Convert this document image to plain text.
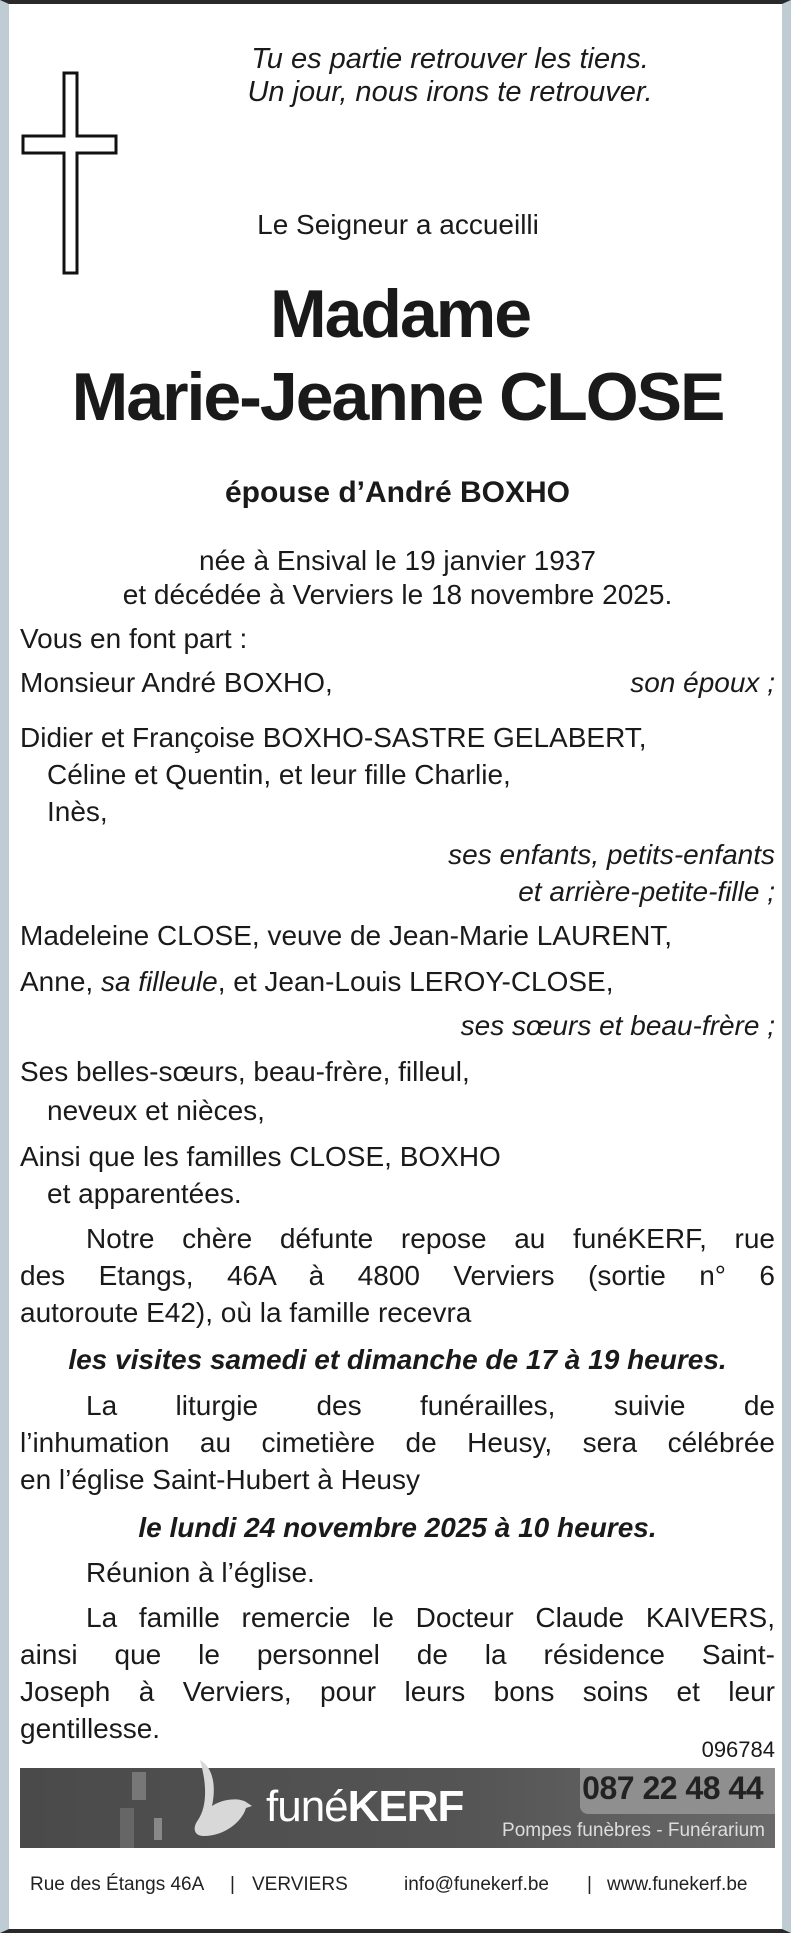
Tu es partie retrouver les tiens.
Un jour, nous irons te retrouver.
Le Seigneur a accueilli
Madame
Marie-Jeanne CLOSE
épouse d’André BOXHO
née à Ensival le 19 janvier 1937
et décédée à Verviers le 18 novembre 2025.
Vous en font part :
Monsieur André BOXHO,	son époux ;
Didier et Françoise BOXHO-SASTRE GELABERT,
Céline et Quentin, et leur fille Charlie,
Inès,
ses enfants, petits-enfants
et arrière-petite-fille ;
Madeleine CLOSE, veuve de Jean-Marie LAURENT,
Anne, sa filleule, et Jean-Louis LEROY-CLOSE,
ses sœurs et beau-frère ;
Ses belles-sœurs, beau-frère, filleul,
neveux et nièces,
Ainsi que les familles CLOSE, BOXHO
et apparentées.
Notre chère défunte repose au funéKERF, rue
des Etangs, 46A à 4800 Verviers (sortie n° 6
autoroute E42), où la famille recevra
les visites samedi et dimanche de 17 à 19 heures.
La liturgie des funérailles, suivie de
l’inhumation au cimetière de Heusy, sera célébrée
en l’église Saint-Hubert à Heusy
le lundi 24 novembre 2025 à 10 heures.
Réunion à l’église.
La famille remercie le Docteur Claude KAIVERS,
ainsi que le personnel de la résidence Saint-
Joseph à Verviers, pour leurs bons soins et leur
gentillesse.
096784
funéKERF	087 22 48 44
Pompes funèbres - Funérarium
Rue des Étangs 46A | VERVIERS	info@funekerf.be | www.funekerf.be
